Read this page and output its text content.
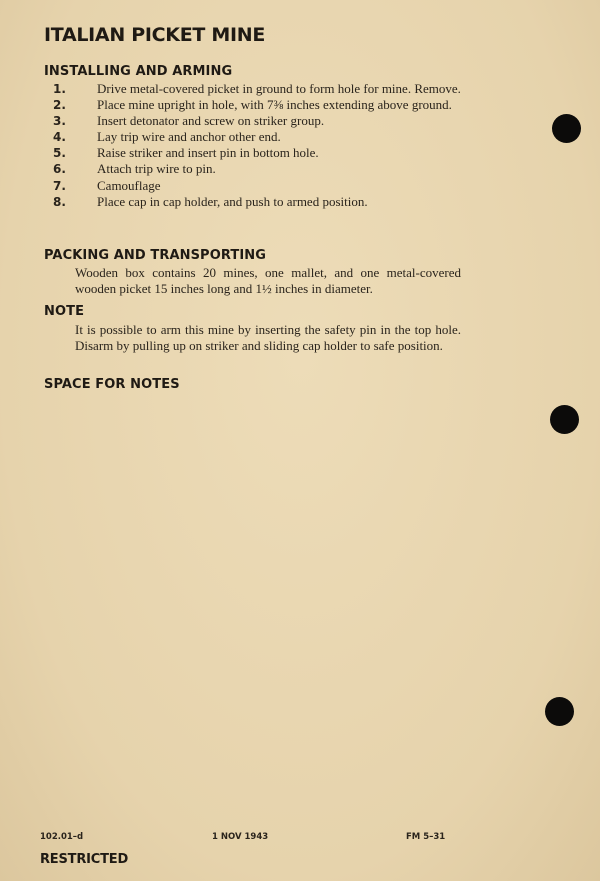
ITALIAN PICKET MINE
INSTALLING AND ARMING

1. Drive metal-covered picket in ground to form hole for mine. Remove.

2. Place mine upright in hole, with 7⅜ inches extending above ground.

3. Insert detonator and screw on striker group.

4. Lay trip wire and anchor other end.

5. Raise striker and insert pin in bottom hole.

6. Attach trip wire to pin.

7. Camouflage

8. Place cap in cap holder, and push to armed position.

PACKING AND TRANSPORTING
Wooden box contains 20 mines, one mallet, and one metal-covered wooden picket 15 inches long and 1½ inches in diameter.
NOTE
It is possible to arm this mine by inserting the safety pin in the top hole. Disarm by pulling up on striker and sliding cap holder to safe position.
SPACE FOR NOTES
102.01–d	1 NOV 1943	FM 5–31
RESTRICTED
